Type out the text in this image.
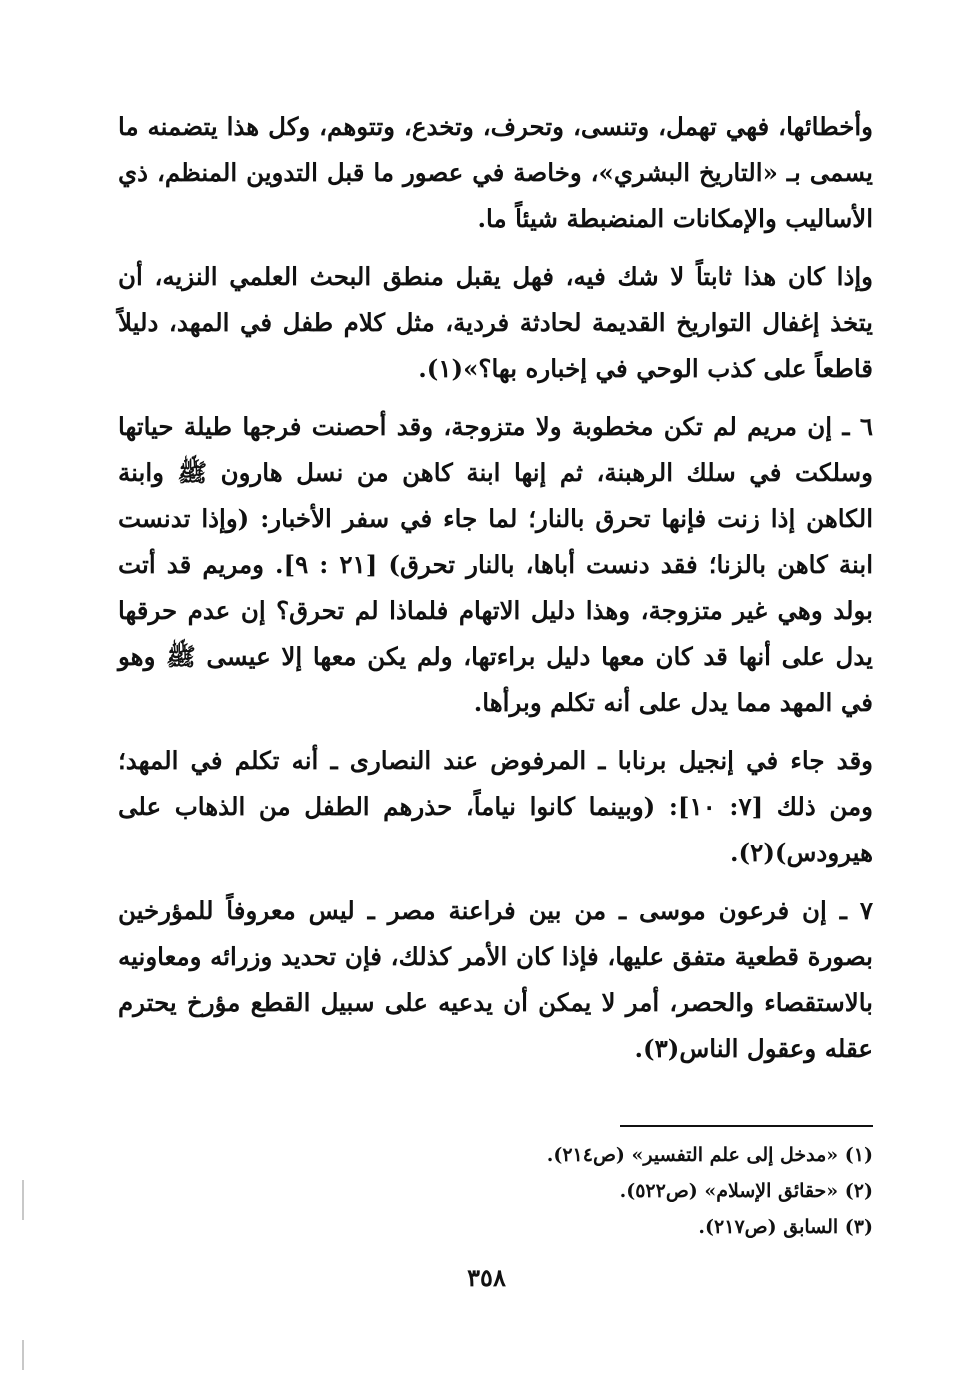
وأخطائها، فهي تهمل، وتنسى، وتحرف، وتخدع، وتتوهم، وكل هذا يتضمنه ما يسمى بـ «التاريخ البشري»، وخاصة في عصور ما قبل التدوين المنظم، ذي الأساليب والإمكانات المنضبطة شيئاً ما.

وإذا كان هذا ثابتاً لا شك فيه، فهل يقبل منطق البحث العلمي النزيه، أن يتخذ إغفال التواريخ القديمة لحادثة فردية، مثل كلام طفل في المهد، دليلاً قاطعاً على كذب الوحي في إخباره بها؟»(١).

٦ ـ إن مريم لم تكن مخطوبة ولا متزوجة، وقد أحصنت فرجها طيلة حياتها وسلكت في سلك الرهبنة، ثم إنها ابنة كاهن من نسل هارون ﷺ وابنة الكاهن إذا زنت فإنها تحرق بالنار؛ لما جاء في سفر الأخبار: (وإذا تدنست ابنة كاهن بالزنا؛ فقد دنست أباها، بالنار تحرق) [٢١ : ٩]. ومريم قد أتت بولد وهي غير متزوجة، وهذا دليل الاتهام فلماذا لم تحرق؟ إن عدم حرقها يدل على أنها قد كان معها دليل براءتها، ولم يكن معها إلا عيسى ﷺ وهو في المهد مما يدل على أنه تكلم وبرأها.

وقد جاء في إنجيل برنابا ـ المرفوض عند النصارى ـ أنه تكلم في المهد؛ ومن ذلك [٧: ١٠]: (وبينما كانوا نياماً، حذرهم الطفل من الذهاب على هيرودس)(٢).

٧ ـ إن فرعون موسى ـ من بين فراعنة مصر ـ ليس معروفاً للمؤرخين بصورة قطعية متفق عليها، فإذا كان الأمر كذلك، فإن تحديد وزرائه ومعاونيه بالاستقصاء والحصر، أمر لا يمكن أن يدعيه على سبيل القطع مؤرخ يحترم عقله وعقول الناس(٣).

(١) «مدخل إلى علم التفسير» (ص٢١٤).

(٢) «حقائق الإسلام» (ص٥٢٢).

(٣) السابق (ص٢١٧).

٣٥٨
